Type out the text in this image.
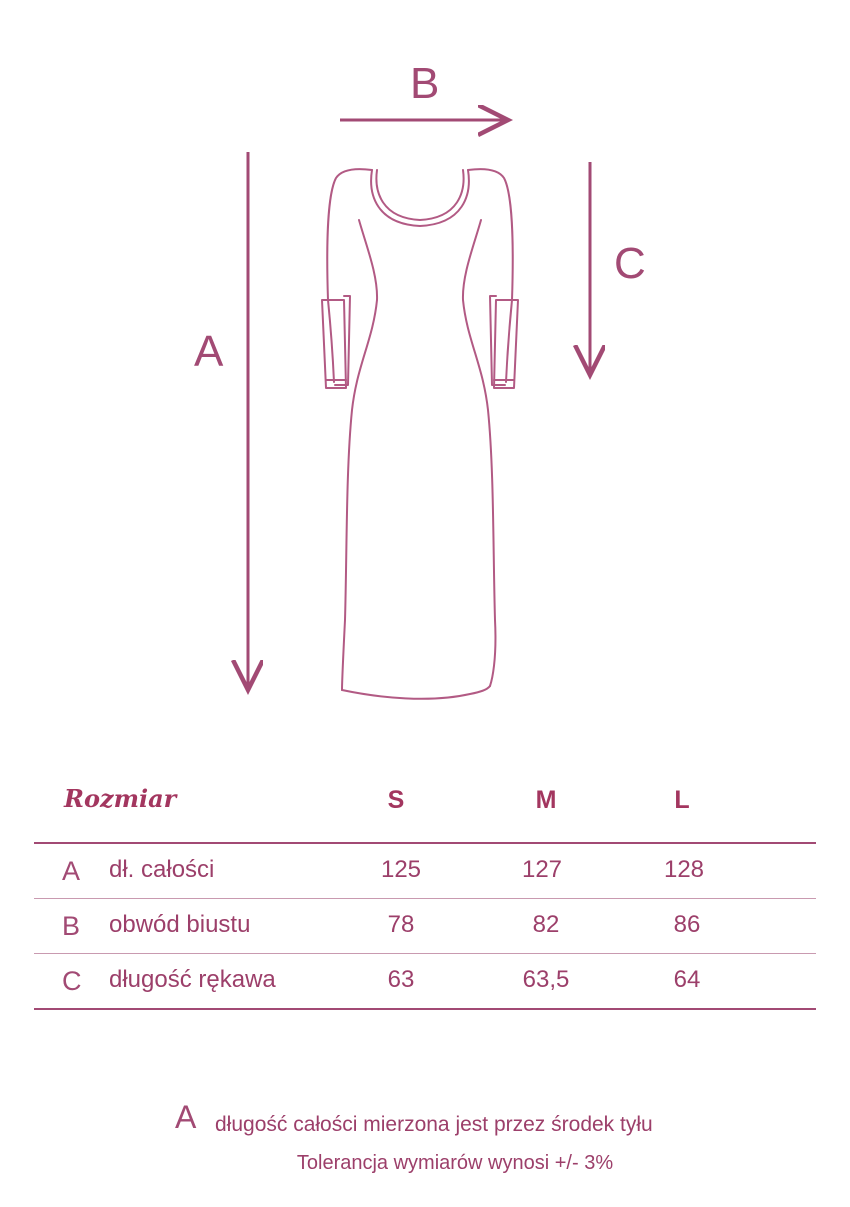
A
B
C
Rozmiar	S	M	L
A dł. całości	125	127	128
B obwód biustu	78	82	86
C długość rękawa	63	63,5	64
A długość całości mierzona jest przez środek tyłu
Tolerancja wymiarów wynosi +/- 3%
